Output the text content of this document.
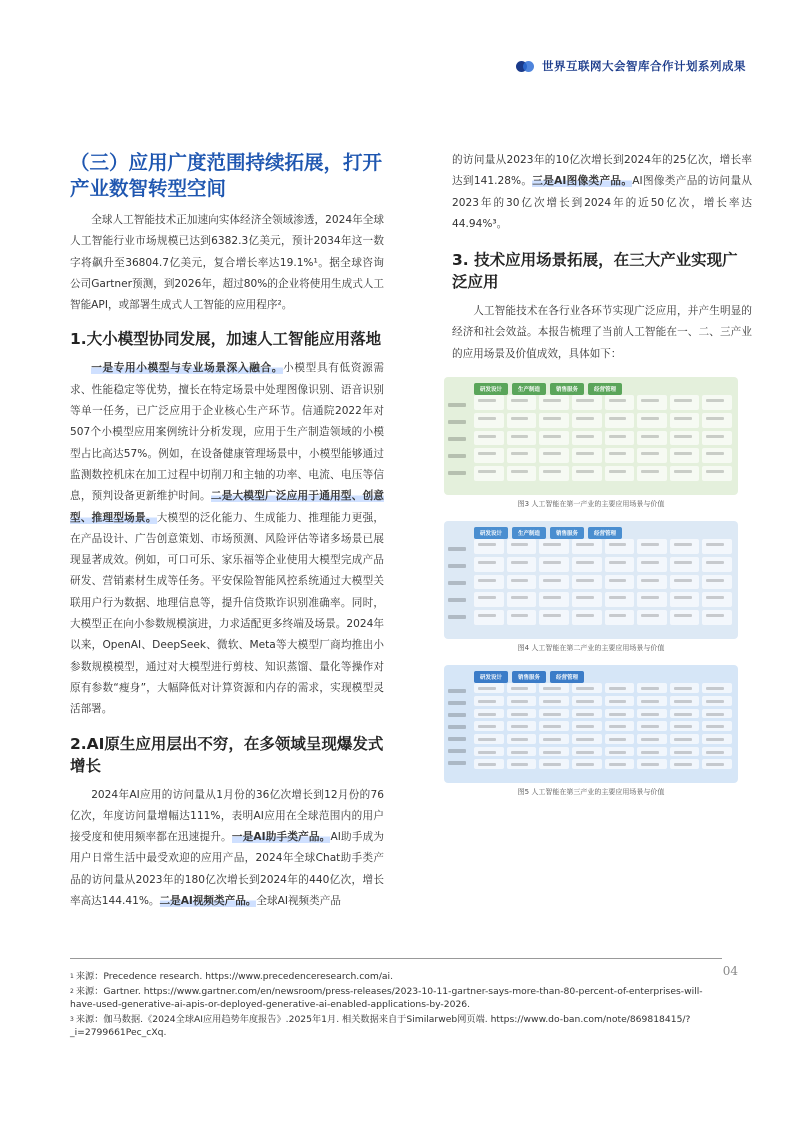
世界互联网大会智库合作计划系列成果
（三）应用广度范围持续拓展，打开产业数智转型空间

全球人工智能技术正加速向实体经济全领域渗透，2024年全球人工智能行业市场规模已达到6382.3亿美元，预计2034年这一数字将飙升至36804.7亿美元，复合增长率达19.1%¹。据全球咨询公司Gartner预测，到2026年，超过80%的企业将使用生成式人工智能API，或部署生成式人工智能的应用程序²。

1.大小模型协同发展，加速人工智能应用落地

一是专用小模型与专业场景深入融合。小模型具有低资源需求、性能稳定等优势，擅长在特定场景中处理图像识别、语音识别等单一任务，已广泛应用于企业核心生产环节。信通院2022年对507个小模型应用案例统计分析发现，应用于生产制造领域的小模型占比高达57%。例如，在设备健康管理场景中，小模型能够通过监测数控机床在加工过程中切削刀和主轴的功率、电流、电压等信息，预判设备更新维护时间。二是大模型广泛应用于通用型、创意型、推理型场景。大模型的泛化能力、生成能力、推理能力更强，在产品设计、广告创意策划、市场预测、风险评估等诸多场景已展现显著成效。例如，可口可乐、家乐福等企业使用大模型完成产品研发、营销素材生成等任务。平安保险智能风控系统通过大模型关联用户行为数据、地理信息等，提升信贷欺诈识别准确率。同时，大模型正在向小参数规模演进，力求适配更多终端及场景。2024年以来，OpenAI、DeepSeek、微软、Meta等大模型厂商均推出小参数规模模型，通过对大模型进行剪枝、知识蒸馏、量化等操作对原有参数“瘦身”，大幅降低对计算资源和内存的需求，实现模型灵活部署。

2.AI原生应用层出不穷，在多领域呈现爆发式增长

2024年AI应用的访问量从1月份的36亿次增长到12月份的76亿次，年度访问量增幅达111%，表明AI应用在全球范围内的用户接受度和使用频率都在迅速提升。一是AI助手类产品。AI助手成为用户日常生活中最受欢迎的应用产品，2024年全球Chat助手类产品的访问量从2023年的180亿次增长到2024年的440亿次，增长率高达144.41%。二是AI视频类产品。全球AI视频类产品

的访问量从2023年的10亿次增长到2024年的25亿次，增长率达到141.28%。三是AI图像类产品。AI图像类产品的访问量从2023年的30亿次增长到2024年的近50亿次，增长率达44.94%³。

3. 技术应用场景拓展，在三大产业实现广泛应用

人工智能技术在各行业各环节实现广泛应用，并产生明显的经济和社会效益。本报告梳理了当前人工智能在一、二、三产业的应用场景及价值成效，具体如下：

研发设计	生产制造	销售服务	经营管理
图3 人工智能在第一产业的主要应用场景与价值
研发设计	生产制造	销售服务	经营管理
图4 人工智能在第二产业的主要应用场景与价值
研发设计	销售服务	经营管理
图5 人工智能在第三产业的主要应用场景与价值
04

$^1$ 来源：Precedence research. https://www.precedenceresearch.com/ai.

$^2$ 来源：Gartner. https://www.gartner.com/en/newsroom/press-releases/2023-10-11-gartner-says-more-than-80-percent-of-enterprises-will-have-used-generative-ai-apis-or-deployed-generative-ai-enabled-applications-by-2026.

$^3$ 来源：伽马数据.《2024全球AI应用趋势年度报告》.2025年1月. 相关数据来自于Similarweb网页端. https://www.do-ban.com/note/869818415/?_i=2799661Pec_cXq.
